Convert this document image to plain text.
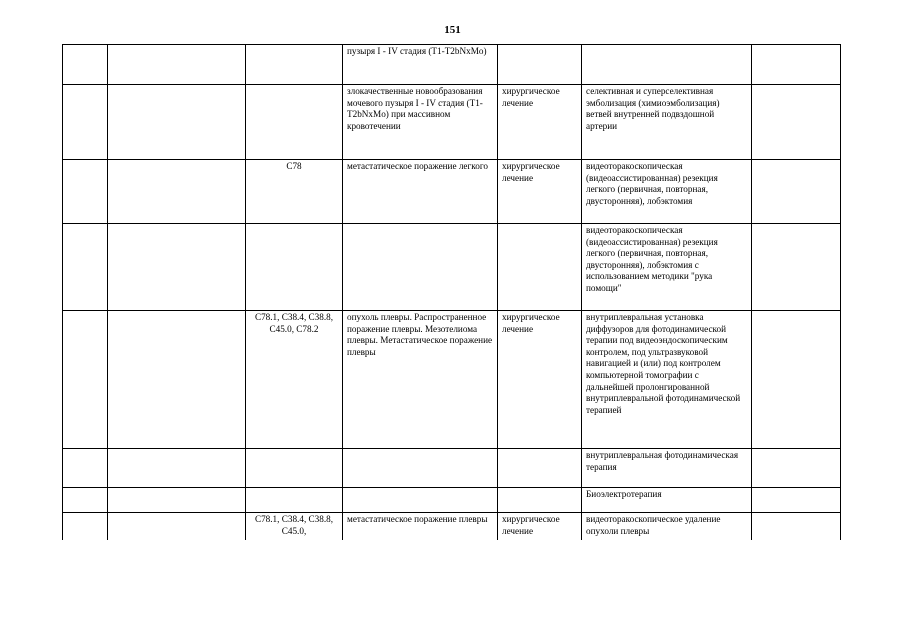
151
			пузыря I - IV стадия (T1-T2bNxMo)			
			злокачественные новообразования мочевого пузыря I - IV стадия (T1-T2bNxMo) при массивном кровотечении	хирургическое лечение	селективная и суперселективная эмболизация (химиоэмболизация) ветвей внутренней подвздошной артерии	
		C78	метастатическое поражение легкого	хирургическое лечение	видеоторакоскопическая (видеоассистированная) резекция легкого (первичная, повторная, двусторонняя), лобэктомия	
					видеоторакоскопическая (видеоассистированная) резекция легкого (первичная, повторная, двусторонняя), лобэктомия с использованием методики "рука помощи"	
		C78.1, C38.4, C38.8, C45.0, C78.2	опухоль плевры. Распространенное поражение плевры. Мезотелиома плевры. Метастатическое поражение плевры	хирургическое лечение	внутриплевральная установка диффузоров для фотодинамической терапии под видеоэндоскопическим контролем, под ультразвуковой навигацией и (или) под контролем компьютерной томографии с дальнейшей пролонгированной внутриплевральной фотодинамической терапией	
					внутриплевральная фотодинамическая терапия	
					Биоэлектротерапия	
		C78.1, C38.4, C38.8, C45.0,	метастатическое поражение плевры	хирургическое лечение	видеоторакоскопическое удаление опухоли плевры	
